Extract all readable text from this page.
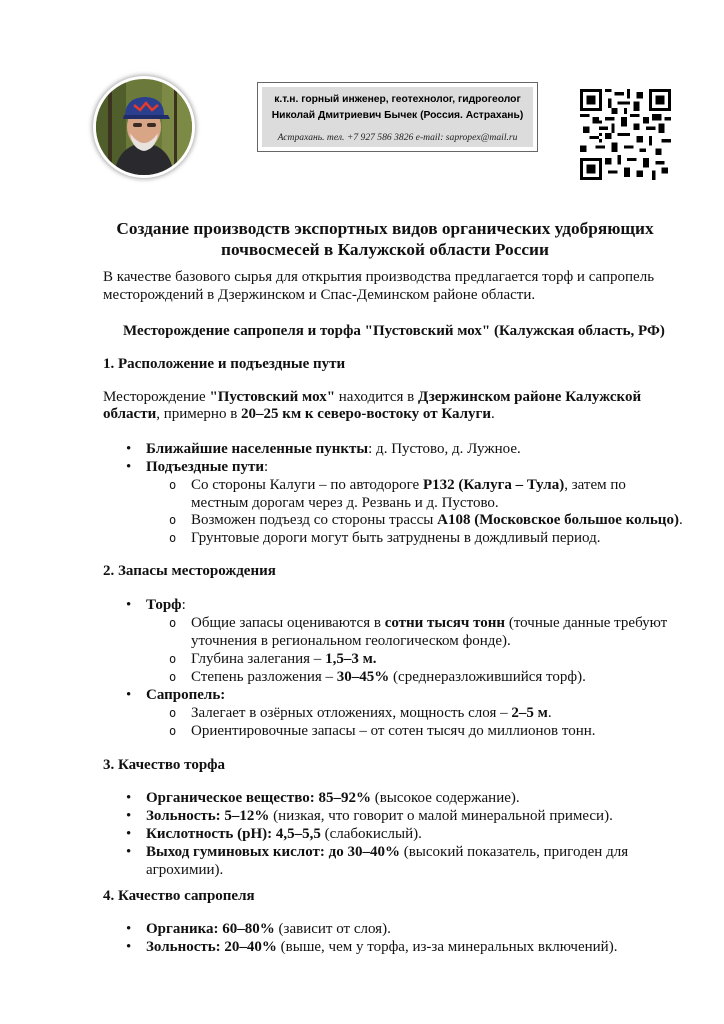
к.т.н. горный инженер, геотехнолог, гидрогеолог
Николай Дмитриевич Бычек (Россия. Астрахань)
Астрахань. тел. +7 927 586 3826 e-mail: sapropex@mail.ru
Создание производств экспортных видов органических удобряющих
почвосмесей в Калужской области России
В качестве базового сырья для открытия производства предлагается торф и сапропель
месторождений в Дзержинском и Спас-Деминском районе области.
Месторождение сапропеля и торфа "Пустовский мох" (Калужская область, РФ)
1. Расположение и подъездные пути
Месторождение "Пустовский мох" находится в Дзержинском районе Калужской
области, примерно в 20–25 км к северо-востоку от Калуги.
• Ближайшие населенные пункты: д. Пустово, д. Лужное.
• Подъездные пути:
o Со стороны Калуги – по автодороге Р132 (Калуга – Тула), затем по
местным дорогам через д. Резвань и д. Пустово.
o Возможен подъезд со стороны трассы А108 (Московское большое кольцо).
o Грунтовые дороги могут быть затруднены в дождливый период.
2. Запасы месторождения
• Торф:
o Общие запасы оцениваются в сотни тысяч тонн (точные данные требуют
уточнения в региональном геологическом фонде).
o Глубина залегания – 1,5–3 м.
o Степень разложения – 30–45% (среднеразложившийся торф).
• Сапропель:
o Залегает в озёрных отложениях, мощность слоя – 2–5 м.
o Ориентировочные запасы – от сотен тысяч до миллионов тонн.
3. Качество торфа
• Органическое вещество: 85–92% (высокое содержание).
• Зольность: 5–12% (низкая, что говорит о малой минеральной примеси).
• Кислотность (pH): 4,5–5,5 (слабокислый).
• Выход гуминовых кислот: до 30–40% (высокий показатель, пригоден для
агрохимии).
4. Качество сапропеля
• Органика: 60–80% (зависит от слоя).
• Зольность: 20–40% (выше, чем у торфа, из-за минеральных включений).
